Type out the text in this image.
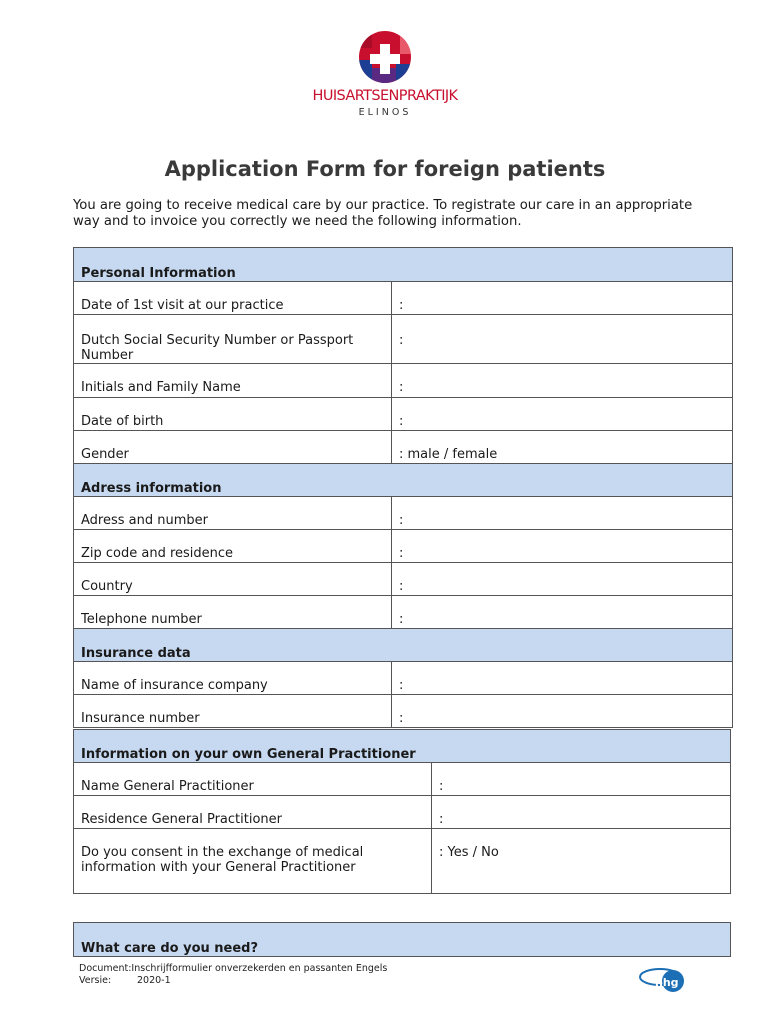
HUISARTSENPRAKTIJK
ELINOS
Application Form for foreign patients
You are going to receive medical care by our practice. To registrate our care in an appropriate way and to invoice you correctly we need the following information.
Personal Information	
Date of 1st visit at our practice	:
Dutch Social Security Number or Passport Number	:
Initials and Family Name	:
Date of birth	:
Gender	: male / female
Adress information	
Adress and number	:
Zip code and residence	:
Country	:
Telephone number	:
Insurance data	
Name of insurance company	:
Insurance number	:
Information on your own General Practitioner	
Name General Practitioner	:
Residence General Practitioner	:
Do you consent in the exchange of medical information with your General Practitioner	: Yes / No
What care do you need?
Document:Inschrijfformulier onverzekerden en passanten Engels
Versie:	2020-1	nhg
